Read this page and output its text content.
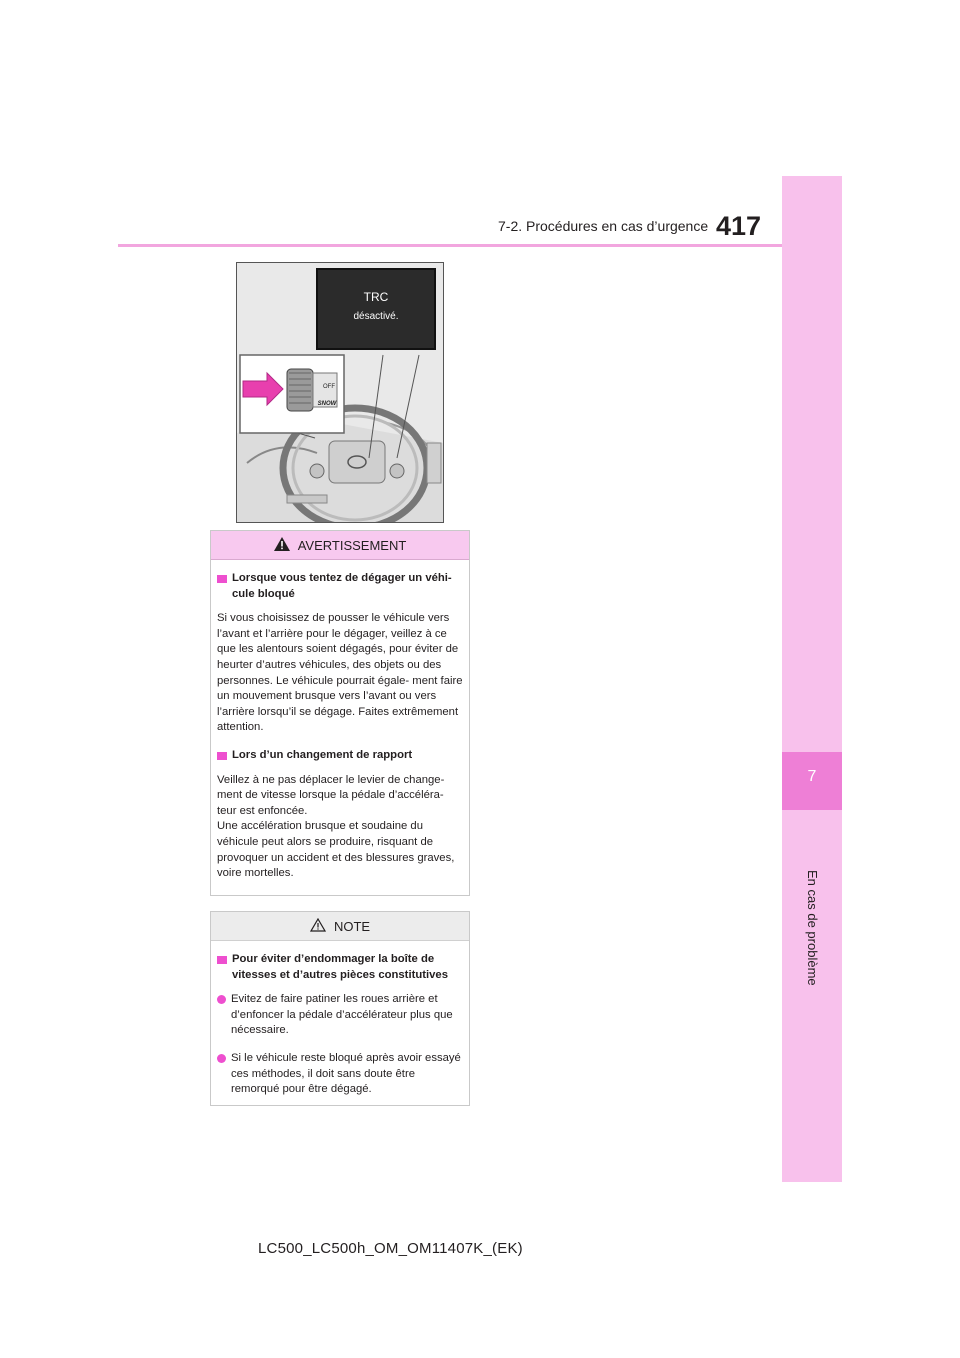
7
En cas de problème
417
7-2. Procédures en cas d’urgence
TRC
désactivé.
OFF
SNOW
AVERTISSEMENT
Lorsque vous tentez de dégager un véhi- cule bloqué

Si vous choisissez de pousser le véhicule vers l’avant et l’arrière pour le dégager, veillez à ce que les alentours soient dégagés, pour éviter de heurter d’autres véhicules, des objets ou des personnes. Le véhicule pourrait égale- ment faire un mouvement brusque vers l’avant ou vers l’arrière lorsqu’il se dégage. Faites extrêmement attention.

Lors d’un changement de rapport

Veillez à ne pas déplacer le levier de change- ment de vitesse lorsque la pédale d’accéléra- teur est enfoncée.

Une accélération brusque et soudaine du véhicule peut alors se produire, risquant de provoquer un accident et des blessures graves, voire mortelles.

NOTE
Pour éviter d’endommager la boîte de vitesses et d’autres pièces constitutives
Evitez de faire patiner les roues arrière et d’enfoncer la pédale d’accélérateur plus que nécessaire.
Si le véhicule reste bloqué après avoir essayé ces méthodes, il doit sans doute être remorqué pour être dégagé.
LC500_LC500h_OM_OM11407K_(EK)
